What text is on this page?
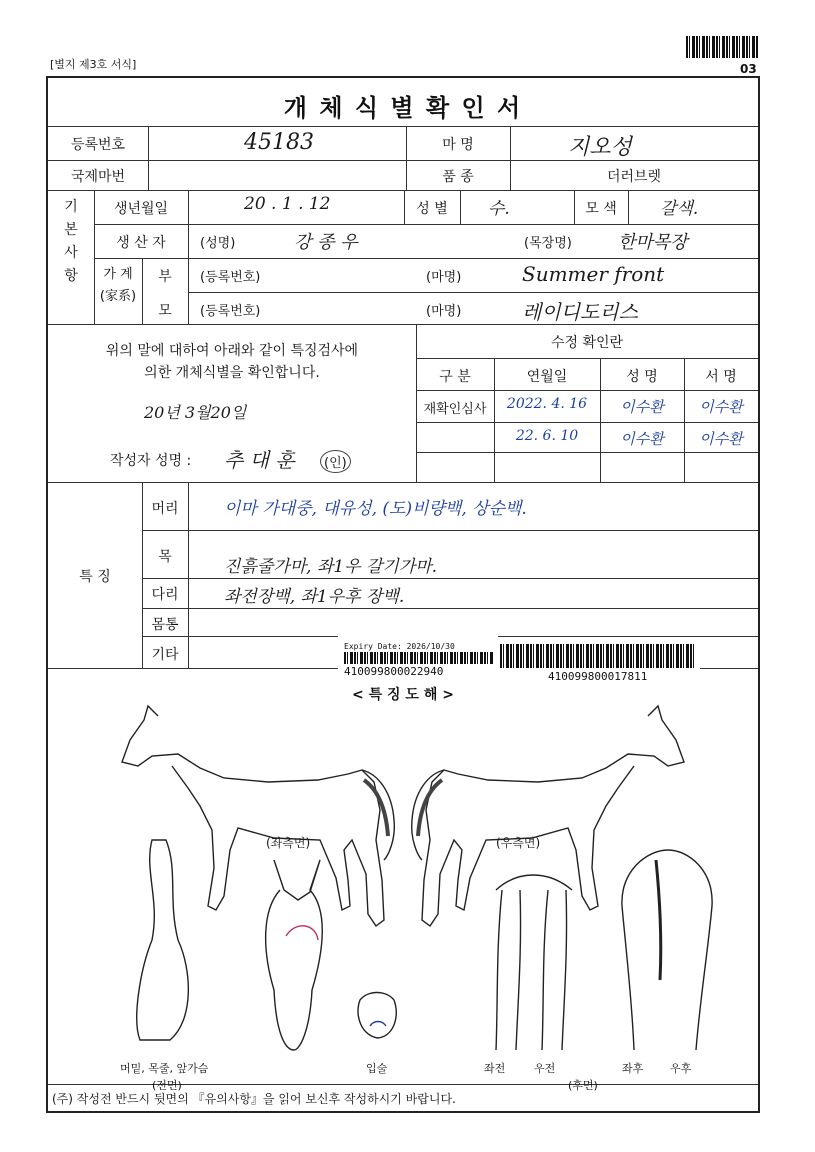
[별지 제3호 서식]	03
개 체 식 별 확 인 서
등록번호	45183	마 명	지오성
국제마번	품 종	더러브렛
기본사항
생년월일	20 . 1 . 12	성 별	수.	모 색	갈색.
생 산 자	(성명)	강 종 우	(목장명)	한마목장
가 계
(家系)
부	(등록번호)	(마명)	Summer front
모	(등록번호)	(마명)	레이디도리스
위의 말에 대하여 아래와 같이 특징검사에
의한 개체식별을 확인합니다.
20년 3월20일
작성자 성명 : 추 대 훈	(인)
수정 확인란
구 분	연월일	성 명	서 명
재확인심사	2022. 4. 16	이수환	이수환
22. 6. 10	이수환	이수환
특 징
머리	이마 가대중, 대유성, (도)비량백, 상순백.
목	진흙줄가마, 좌1우 갈기가마.
다리	좌전장백, 좌1우후 장백.
몸통
기타
Expiry Date: 2026/10/30
410099800022940	410099800017811
< 특 징 도 해 >
(좌측면)	(우측면)
머밑, 목줄, 앞가슴
(전면)
입술	좌전	우전	좌후 우후
(후면)
(주) 작성전 반드시 뒷면의 『유의사항』을 읽어 보신후 작성하시기 바랍니다.
